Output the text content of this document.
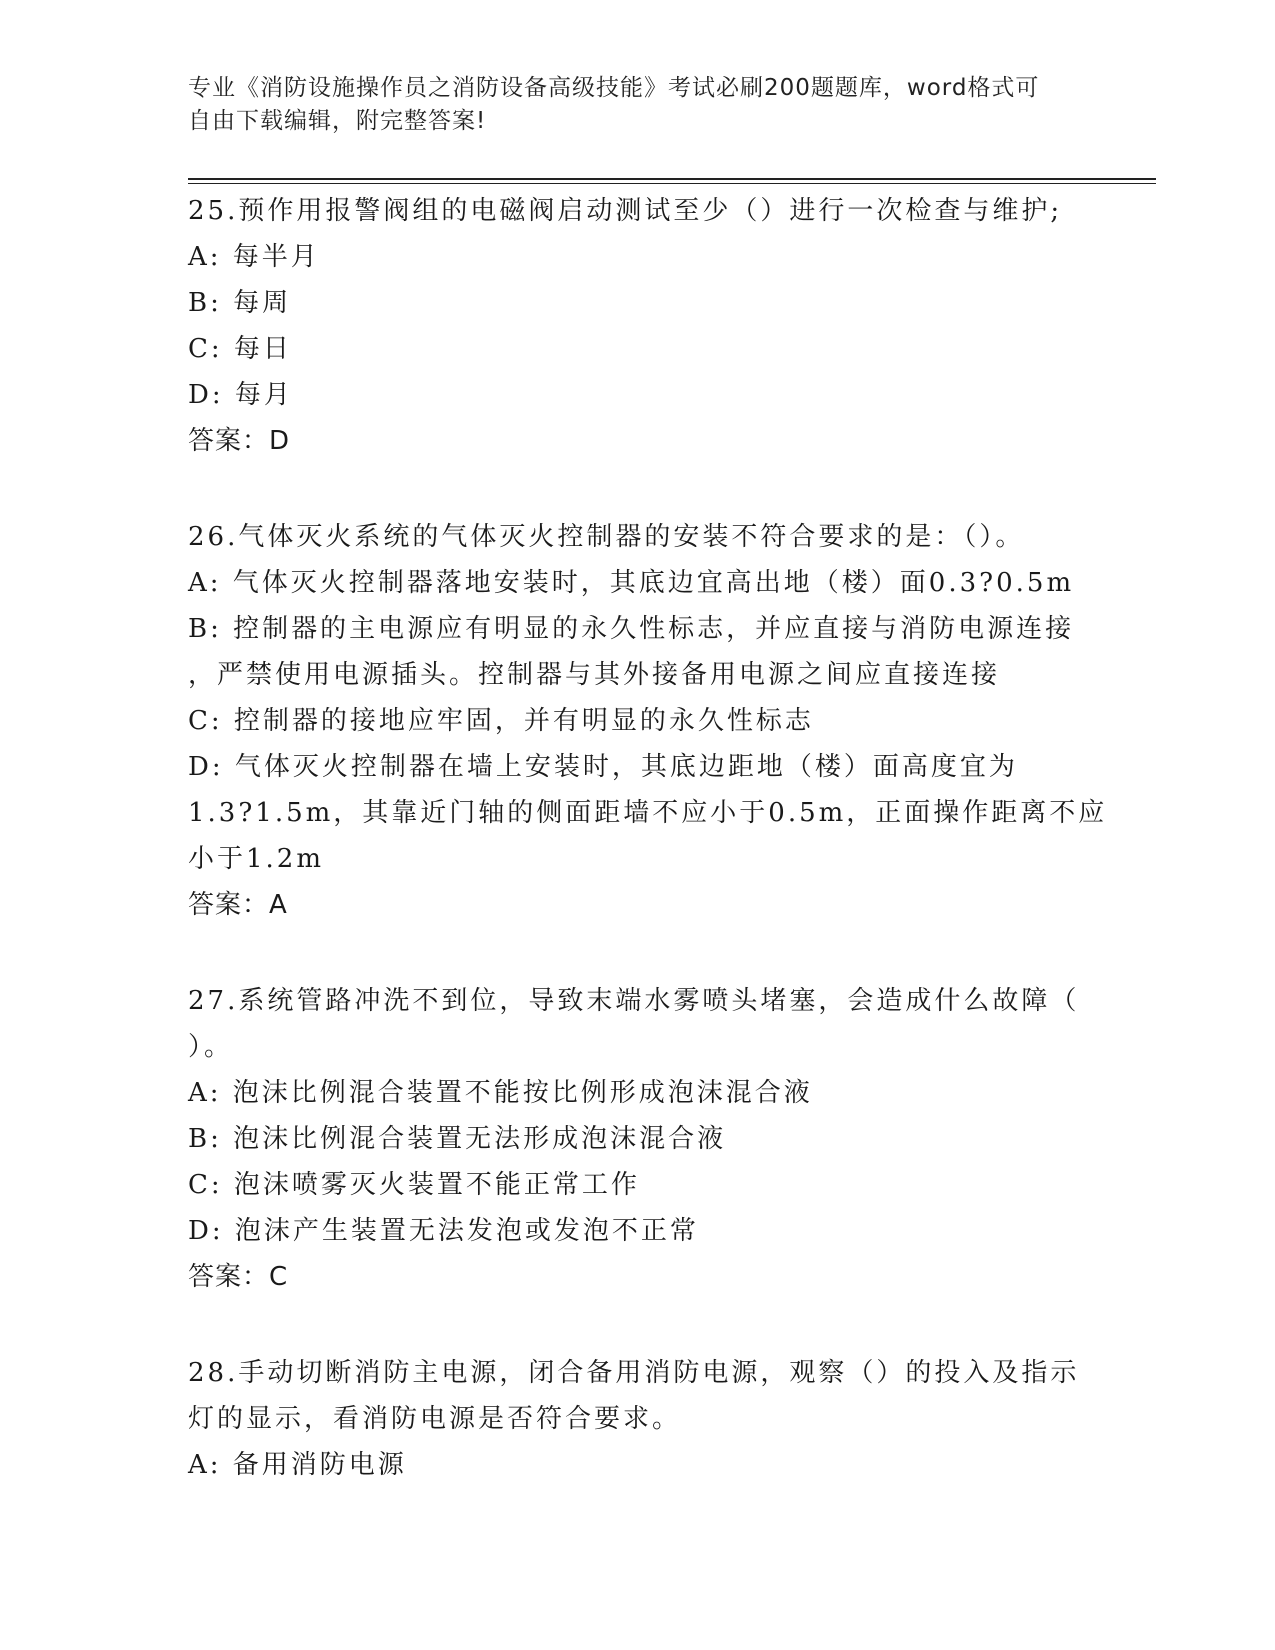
专业《消防设施操作员之消防设备高级技能》考试必刷200题题库，word格式可
自由下载编辑，附完整答案!
25.预作用报警阀组的电磁阀启动测试至少（）进行一次检查与维护;
A: 每半月
B: 每周
C: 每日
D: 每月
答案：D
26.气体灭火系统的气体灭火控制器的安装不符合要求的是：（）。
A: 气体灭火控制器落地安装时，其底边宜高出地（楼）面0.3?0.5m
B: 控制器的主电源应有明显的永久性标志，并应直接与消防电源连接
，严禁使用电源插头。控制器与其外接备用电源之间应直接连接
C: 控制器的接地应牢固，并有明显的永久性标志
D: 气体灭火控制器在墙上安装时，其底边距地（楼）面高度宜为
1.3?1.5m，其靠近门轴的侧面距墙不应小于0.5m，正面操作距离不应
小于1.2m
答案：A
27.系统管路冲洗不到位，导致末端水雾喷头堵塞，会造成什么故障（
）。
A: 泡沫比例混合装置不能按比例形成泡沫混合液
B: 泡沫比例混合装置无法形成泡沫混合液
C: 泡沫喷雾灭火装置不能正常工作
D: 泡沫产生装置无法发泡或发泡不正常
答案：C
28.手动切断消防主电源，闭合备用消防电源，观察（）的投入及指示
灯的显示，看消防电源是否符合要求。
A: 备用消防电源
